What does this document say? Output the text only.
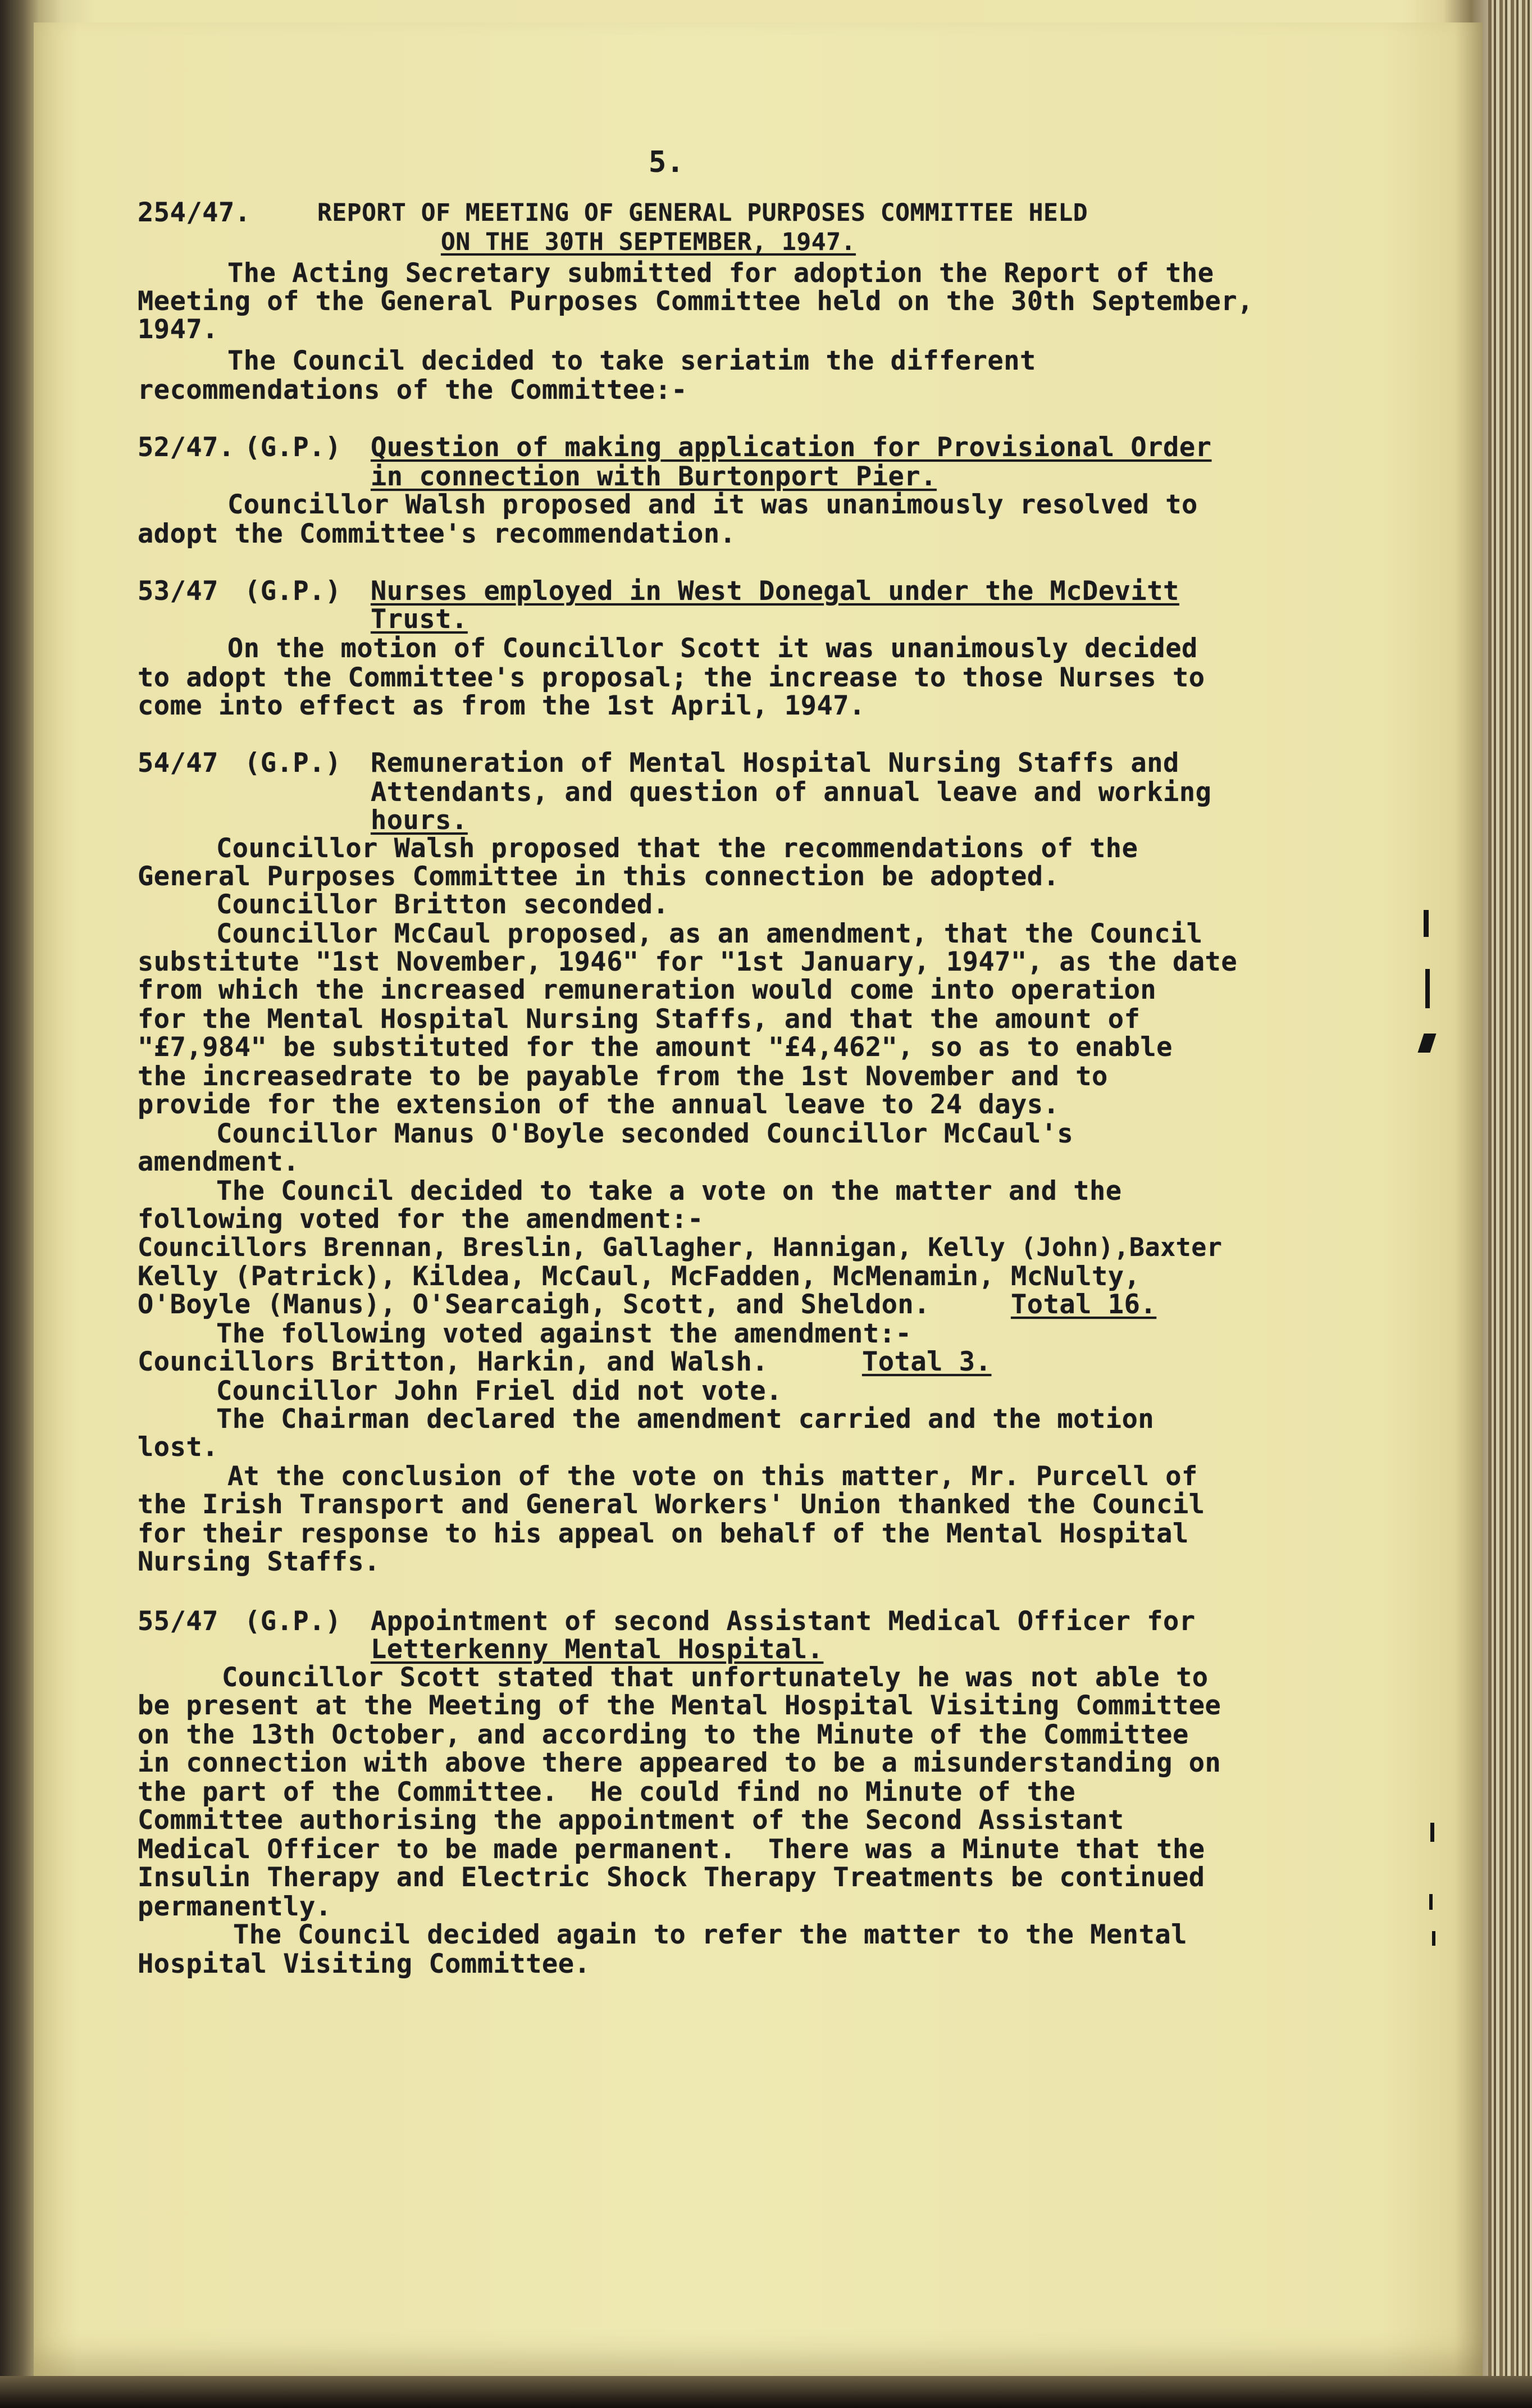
5.
254/47.	REPORT OF MEETING OF GENERAL PURPOSES COMMITTEE HELD
ON THE 30TH SEPTEMBER, 1947.
The Acting Secretary submitted for adoption the Report of the
Meeting of the General Purposes Committee held on the 30th September,
1947.
The Council decided to take seriatim the different
recommendations of the Committee:-
52/47. (G.P.) Question of making application for Provisional Order
in connection with Burtonport Pier.
Councillor Walsh proposed and it was unanimously resolved to
adopt the Committee's recommendation.
53/47 (G.P.) Nurses employed in West Donegal under the McDevitt
Trust.
On the motion of Councillor Scott it was unanimously decided
to adopt the Committee's proposal; the increase to those Nurses to
come into effect as from the 1st April, 1947.
54/47 (G.P.) Remuneration of Mental Hospital Nursing Staffs and
Attendants, and question of annual leave and working
hours.
Councillor Walsh proposed that the recommendations of the
General Purposes Committee in this connection be adopted.
Councillor Britton seconded.
Councillor McCaul proposed, as an amendment, that the Council
substitute "1st November, 1946" for "1st January, 1947", as the date
from which the increased remuneration would come into operation
for the Mental Hospital Nursing Staffs, and that the amount of
"£7,984" be substituted for the amount "£4,462", so as to enable
the increasedrate to be payable from the 1st November and to
provide for the extension of the annual leave to 24 days.
Councillor Manus O'Boyle seconded Councillor McCaul's
amendment.
The Council decided to take a vote on the matter and the
following voted for the amendment:-
Councillors Brennan, Breslin, Gallagher, Hannigan, Kelly (John),Baxter
Kelly (Patrick), Kildea, McCaul, McFadden, McMenamin, McNulty,
O'Boyle (Manus), O'Searcaigh, Scott, and Sheldon.	Total 16.
The following voted against the amendment:-
Councillors Britton, Harkin, and Walsh.	Total 3.
Councillor John Friel did not vote.
The Chairman declared the amendment carried and the motion
lost.
At the conclusion of the vote on this matter, Mr. Purcell of
the Irish Transport and General Workers' Union thanked the Council
for their response to his appeal on behalf of the Mental Hospital
Nursing Staffs.
55/47 (G.P.) Appointment of second Assistant Medical Officer for
Letterkenny Mental Hospital.
Councillor Scott stated that unfortunately he was not able to
be present at the Meeting of the Mental Hospital Visiting Committee
on the 13th October, and according to the Minute of the Committee
in connection with above there appeared to be a misunderstanding on
the part of the Committee.  He could find no Minute of the
Committee authorising the appointment of the Second Assistant
Medical Officer to be made permanent.  There was a Minute that the
Insulin Therapy and Electric Shock Therapy Treatments be continued
permanently.
The Council decided again to refer the matter to the Mental
Hospital Visiting Committee.
